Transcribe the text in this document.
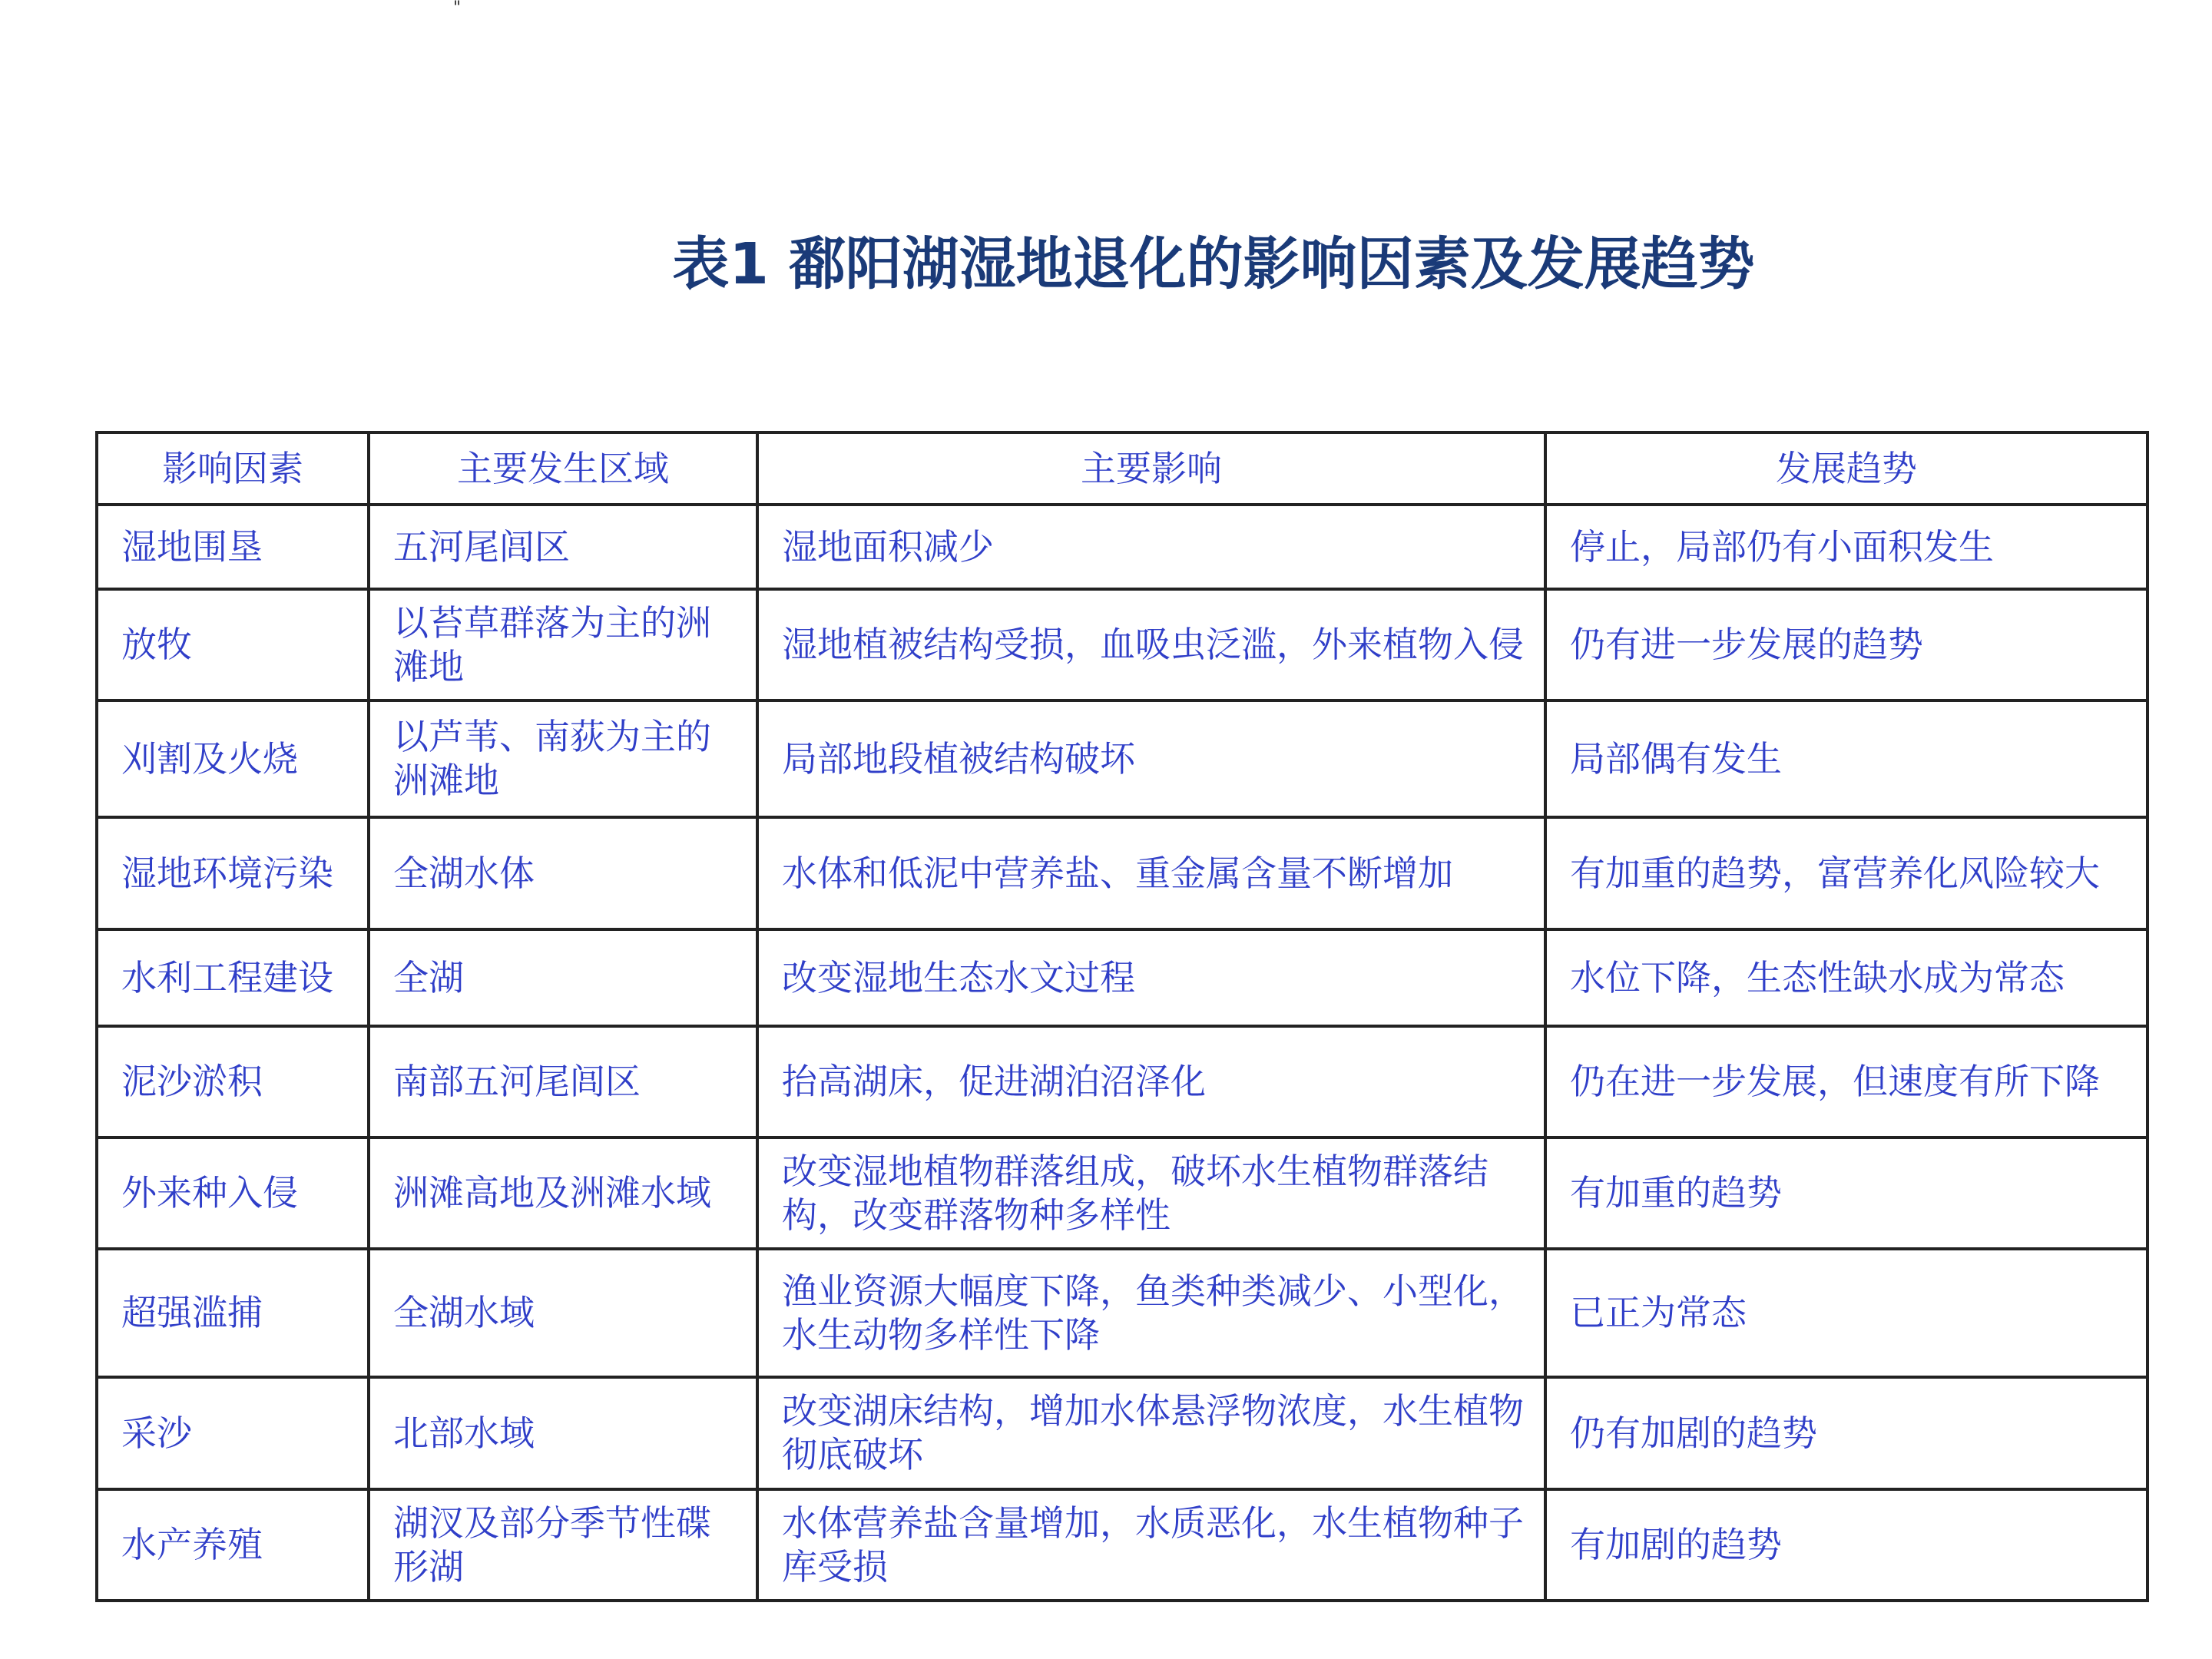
"
表1 鄱阳湖湿地退化的影响因素及发展趋势
影响因素	主要发生区域	主要影响	发展趋势
湿地围垦	五河尾闾区	湿地面积减少	停止，局部仍有小面积发生
放牧	以苔草群落为主的洲滩地	湿地植被结构受损，血吸虫泛滥，外来植物入侵	仍有进一步发展的趋势
刈割及火烧	以芦苇、南荻为主的洲滩地	局部地段植被结构破坏	局部偶有发生
湿地环境污染	全湖水体	水体和低泥中营养盐、重金属含量不断增加	有加重的趋势，富营养化风险较大
水利工程建设	全湖	改变湿地生态水文过程	水位下降，生态性缺水成为常态
泥沙淤积	南部五河尾闾区	抬高湖床，促进湖泊沼泽化	仍在进一步发展，但速度有所下降
外来种入侵	洲滩高地及洲滩水域	改变湿地植物群落组成，破坏水生植物群落结构，改变群落物种多样性	有加重的趋势
超强滥捕	全湖水域	渔业资源大幅度下降，鱼类种类减少、小型化，水生动物多样性下降	已正为常态
采沙	北部水域	改变湖床结构，增加水体悬浮物浓度，水生植物彻底破坏	仍有加剧的趋势
水产养殖	湖汊及部分季节性碟形湖	水体营养盐含量增加，水质恶化，水生植物种子库受损	有加剧的趋势
